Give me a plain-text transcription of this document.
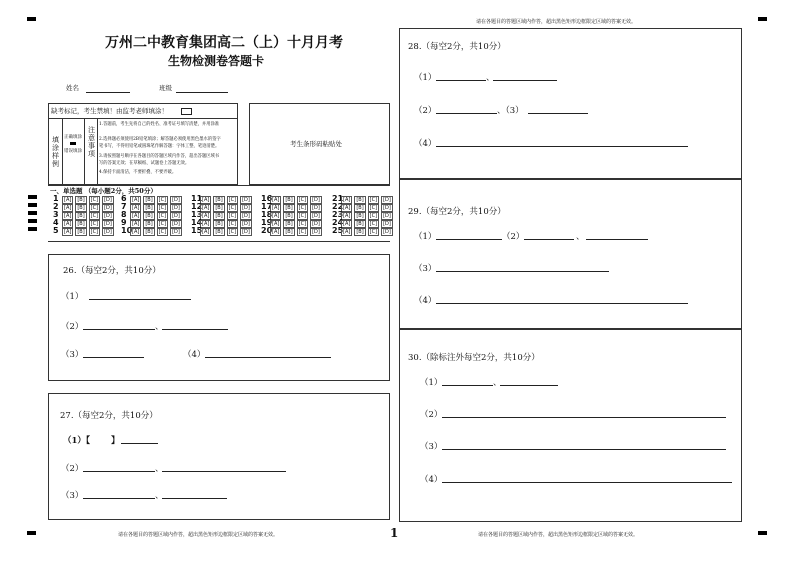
请在各题目的答题区域内作答，超出黑色矩形边框限定区域的答案无效。
万州二中教育集团高二（上）十月月考
生物检测卷答题卡
姓名	班级
缺考标记，考生禁填！由监考老师填涂！
填涂样例
正确填涂
错误填涂
注意事项
1.答题前，考生先将自己的姓名、准考证号填写清楚，并用涂准
2.选择题必须使用2B铅笔填涂；解答题必须使用黑色墨水的签字
笔书写，不得用铅笔或圆珠笔作解答题：字体工整、笔迹清楚。
3.请按照题号顺序在各题目的答题区域内作答，超出答题区域书
写的答案无效；在草稿纸、试题卷上答题无效。
4.保持卡面清洁，不要折叠、不要弄破。
考生条形码粘贴处
一、单选题 （每小题2分，共50分）
1 [A] [B] [C] [D]	6 [A] [B] [C] [D]	11[A] [B] [C] [D]	16[A] [B] [C] [D]	21[A] [B] [C] [D]
2 [A] [B] [C] [D]	7 [A] [B] [C] [D]	12[A] [B] [C] [D]	17[A] [B] [C] [D]	22[A] [B] [C] [D]
3 [A] [B] [C] [D]	8 [A] [B] [C] [D]	13[A] [B] [C] [D]	18[A] [B] [C] [D]	23[A] [B] [C] [D]
4 [A] [B] [C] [D]	9 [A] [B] [C] [D]	14[A] [B] [C] [D]	19[A] [B] [C] [D]	24[A] [B] [C] [D]
5 [A] [B] [C] [D]	10[A] [B] [C] [D]	15[A] [B] [C] [D]	20[A] [B] [C] [D]	25[A] [B] [C] [D]
26.（每空2分，共10分）
（1）
（2）	、
（3）	（4）
27.（每空2分，共10分）
（1）【 】
（2）	、
（3）	、
请在各题目的答题区域内作答，超出黑色矩形边框限定区域的答案无效。	1
28.（每空2分，共10分）
（1）	、
（2）	、（3）
（4）
29.（每空2分，共10分）
（1）	（2）	、
（3）
（4）
30.（除标注外每空2分，共10分）
（1）	、
（2）
（3）
（4）
请在各题目的答题区域内作答，超出黑色矩形边框限定区域的答案无效。
